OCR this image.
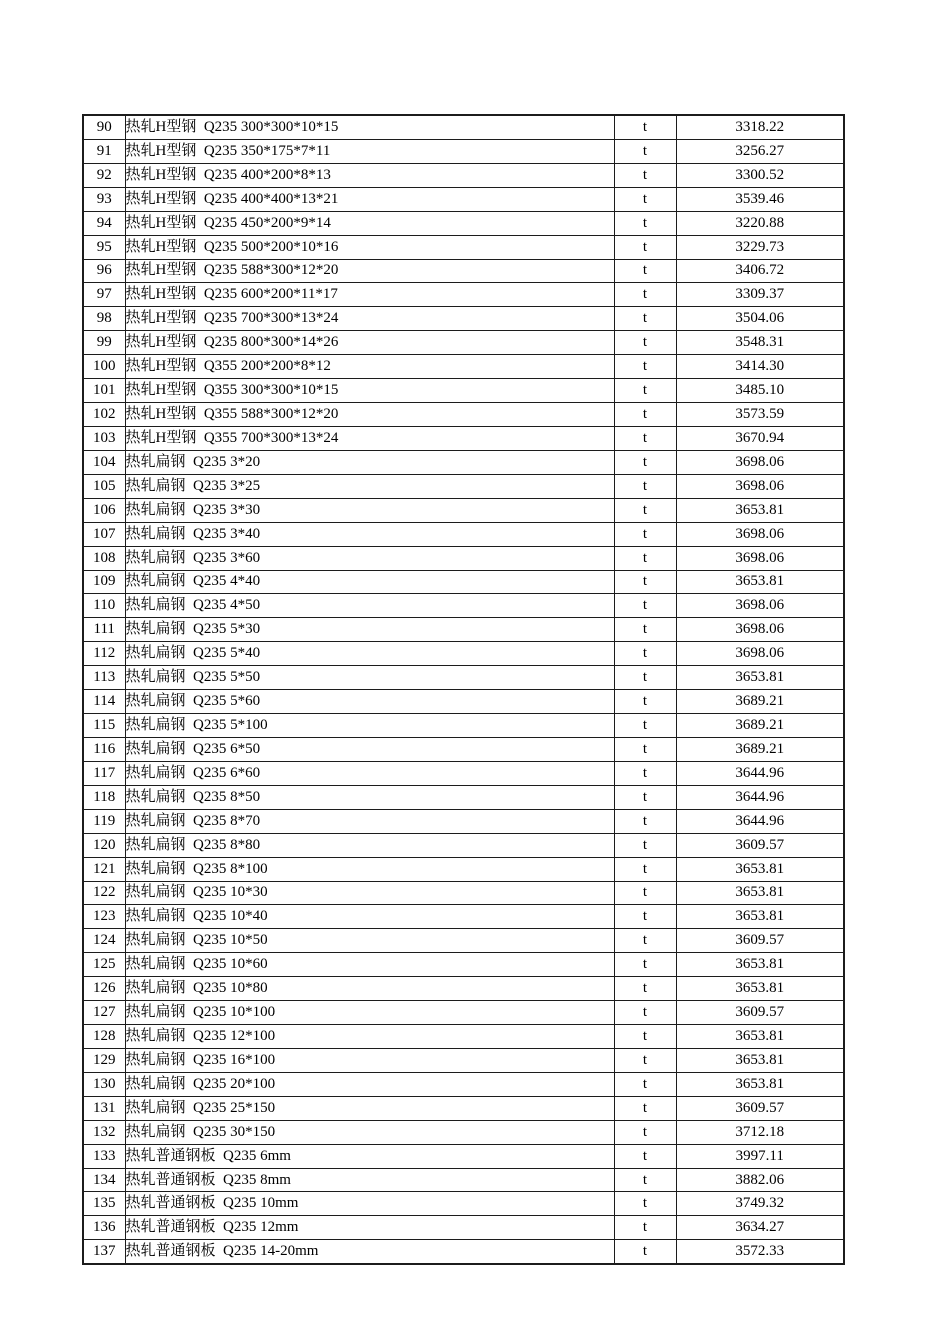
90	热轧H型钢  Q235 300*300*10*15	t	3318.22
91	热轧H型钢  Q235 350*175*7*11	t	3256.27
92	热轧H型钢  Q235 400*200*8*13	t	3300.52
93	热轧H型钢  Q235 400*400*13*21	t	3539.46
94	热轧H型钢  Q235 450*200*9*14	t	3220.88
95	热轧H型钢  Q235 500*200*10*16	t	3229.73
96	热轧H型钢  Q235 588*300*12*20	t	3406.72
97	热轧H型钢  Q235 600*200*11*17	t	3309.37
98	热轧H型钢  Q235 700*300*13*24	t	3504.06
99	热轧H型钢  Q235 800*300*14*26	t	3548.31
100	热轧H型钢  Q355 200*200*8*12	t	3414.30
101	热轧H型钢  Q355 300*300*10*15	t	3485.10
102	热轧H型钢  Q355 588*300*12*20	t	3573.59
103	热轧H型钢  Q355 700*300*13*24	t	3670.94
104	热轧扁钢  Q235 3*20	t	3698.06
105	热轧扁钢  Q235 3*25	t	3698.06
106	热轧扁钢  Q235 3*30	t	3653.81
107	热轧扁钢  Q235 3*40	t	3698.06
108	热轧扁钢  Q235 3*60	t	3698.06
109	热轧扁钢  Q235 4*40	t	3653.81
110	热轧扁钢  Q235 4*50	t	3698.06
111	热轧扁钢  Q235 5*30	t	3698.06
112	热轧扁钢  Q235 5*40	t	3698.06
113	热轧扁钢  Q235 5*50	t	3653.81
114	热轧扁钢  Q235 5*60	t	3689.21
115	热轧扁钢  Q235 5*100	t	3689.21
116	热轧扁钢  Q235 6*50	t	3689.21
117	热轧扁钢  Q235 6*60	t	3644.96
118	热轧扁钢  Q235 8*50	t	3644.96
119	热轧扁钢  Q235 8*70	t	3644.96
120	热轧扁钢  Q235 8*80	t	3609.57
121	热轧扁钢  Q235 8*100	t	3653.81
122	热轧扁钢  Q235 10*30	t	3653.81
123	热轧扁钢  Q235 10*40	t	3653.81
124	热轧扁钢  Q235 10*50	t	3609.57
125	热轧扁钢  Q235 10*60	t	3653.81
126	热轧扁钢  Q235 10*80	t	3653.81
127	热轧扁钢  Q235 10*100	t	3609.57
128	热轧扁钢  Q235 12*100	t	3653.81
129	热轧扁钢  Q235 16*100	t	3653.81
130	热轧扁钢  Q235 20*100	t	3653.81
131	热轧扁钢  Q235 25*150	t	3609.57
132	热轧扁钢  Q235 30*150	t	3712.18
133	热轧普通钢板  Q235 6mm	t	3997.11
134	热轧普通钢板  Q235 8mm	t	3882.06
135	热轧普通钢板  Q235 10mm	t	3749.32
136	热轧普通钢板  Q235 12mm	t	3634.27
137	热轧普通钢板  Q235 14-20mm	t	3572.33
